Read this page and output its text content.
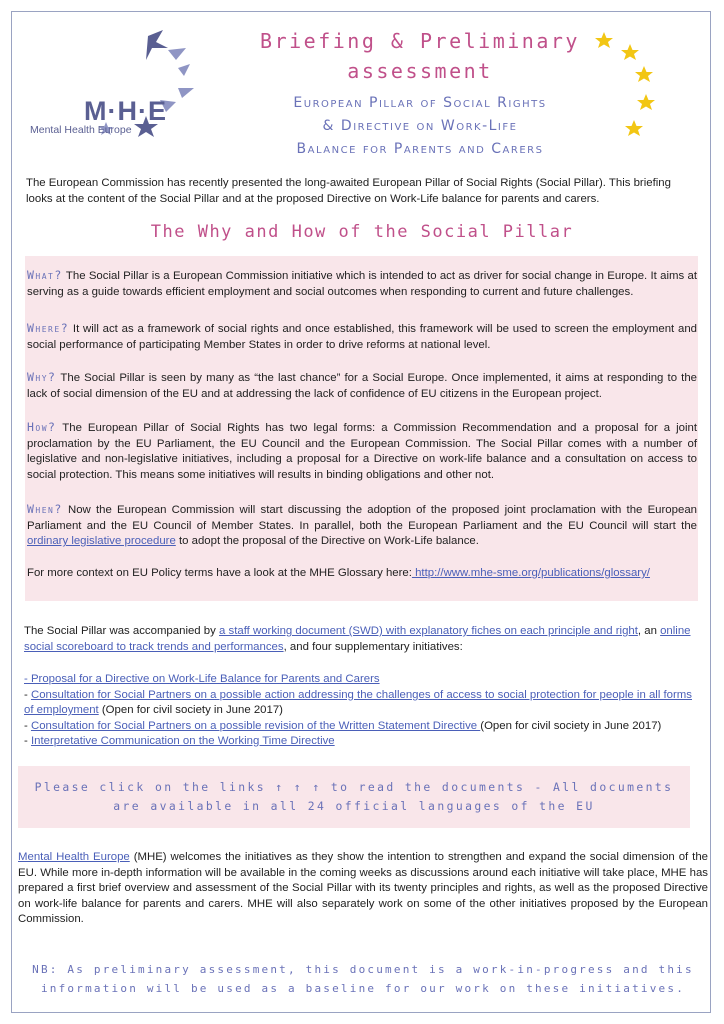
M·H·E
Mental Health Europe
Briefing & Preliminary assessment
European Pillar of Social Rights
& Directive on Work-Life
Balance for Parents and Carers
The European Commission has recently presented the long-awaited European Pillar of Social Rights (Social Pillar). This briefing looks at the content of the Social Pillar and at the proposed Directive on Work-Life balance for parents and carers.
The Why and How of the Social Pillar
What? The Social Pillar is a European Commission initiative which is intended to act as driver for social change in Europe. It aims at serving as a guide towards efficient employment and social outcomes when responding to current and future challenges.
Where? It will act as a framework of social rights and once established, this framework will be used to screen the employment and social performance of participating Member States in order to drive reforms at national level.
Why? The Social Pillar is seen by many as “the last chance” for a Social Europe. Once implemented, it aims at responding to the lack of social dimension of the EU and at addressing the lack of confidence of EU citizens in the European project.
How? The European Pillar of Social Rights has two legal forms: a Commission Recommendation and a proposal for a joint proclamation by the EU Parliament, the EU Council and the European Commission. The Social Pillar comes with a number of legislative and non-legislative initiatives, including a proposal for a Directive on work-life balance and a consultation on access to social protection. This means some initiatives will results in binding obligations and other not.
When? Now the European Commission will start discussing the adoption of the proposed joint proclamation with the European Parliament and the EU Council of Member States. In parallel, both the European Parliament and the EU Council will start the ordinary legislative procedure to adopt the proposal of the Directive on Work-Life balance.
For more context on EU Policy terms have a look at the MHE Glossary here: http://www.mhe-sme.org/publications/glossary/
The Social Pillar was accompanied by a staff working document (SWD) with explanatory fiches on each principle and right, an online social scoreboard to track trends and performances, and four supplementary initiatives:
- Proposal for a Directive on Work-Life Balance for Parents and Carers
- Consultation for Social Partners on a possible action addressing the challenges of access to social protection for people in all forms of employment (Open for civil society in June 2017)
- Consultation for Social Partners on a possible revision of the Written Statement Directive (Open for civil society in June 2017)
- Interpretative Communication on the Working Time Directive
Please click on the links ↑ ↑ ↑ to read the documents - All documents are available in all 24 official languages of the EU
Mental Health Europe (MHE) welcomes the initiatives as they show the intention to strengthen and expand the social dimension of the EU. While more in-depth information will be available in the coming weeks as discussions around each initiative will take place, MHE has prepared a first brief overview and assessment of the Social Pillar with its twenty principles and rights, as well as the proposed Directive on work-life balance for parents and carers. MHE will also separately work on some of the other initiatives proposed by the European Commission.
NB: As preliminary assessment, this document is a work-in-progress and this information will be used as a baseline for our work on these initiatives.
